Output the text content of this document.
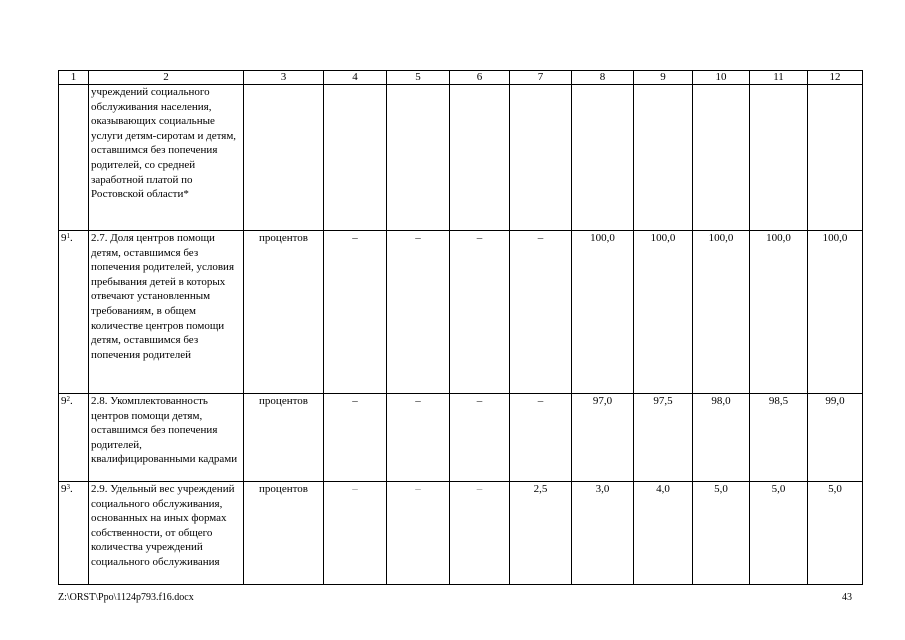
1	2	3	4	5	6	7	8	9	10	11	12
	учреждений социального обслуживания населения, оказывающих социальные услуги детям-сиротам и детям, оставшимся без попечения родителей, со средней заработной платой по Ростовской области*										
$9^1$.	2.7. Доля центров помощи детям, оставшимся без попечения родителей, условия пребывания детей в которых отвечают установленным требованиям, в общем количестве центров помощи детям, оставшимся без попечения родителей	процентов	–	–	–	–	100,0	100,0	100,0	100,0	100,0
$9^2$.	2.8. Укомплектованность центров помощи детям, оставшимся без попечения родителей, квалифицированными кадрами	процентов	–	–	–	–	97,0	97,5	98,0	98,5	99,0
$9^3$.	2.9. Удельный вес учреждений социального обслуживания, основанных на иных формах собственности, от общего количества учреждений социального обслуживания	процентов	–	–	–	2,5	3,0	4,0	5,0	5,0	5,0
Z:\ORST\Ppo\1124p793.f16.docx	43
